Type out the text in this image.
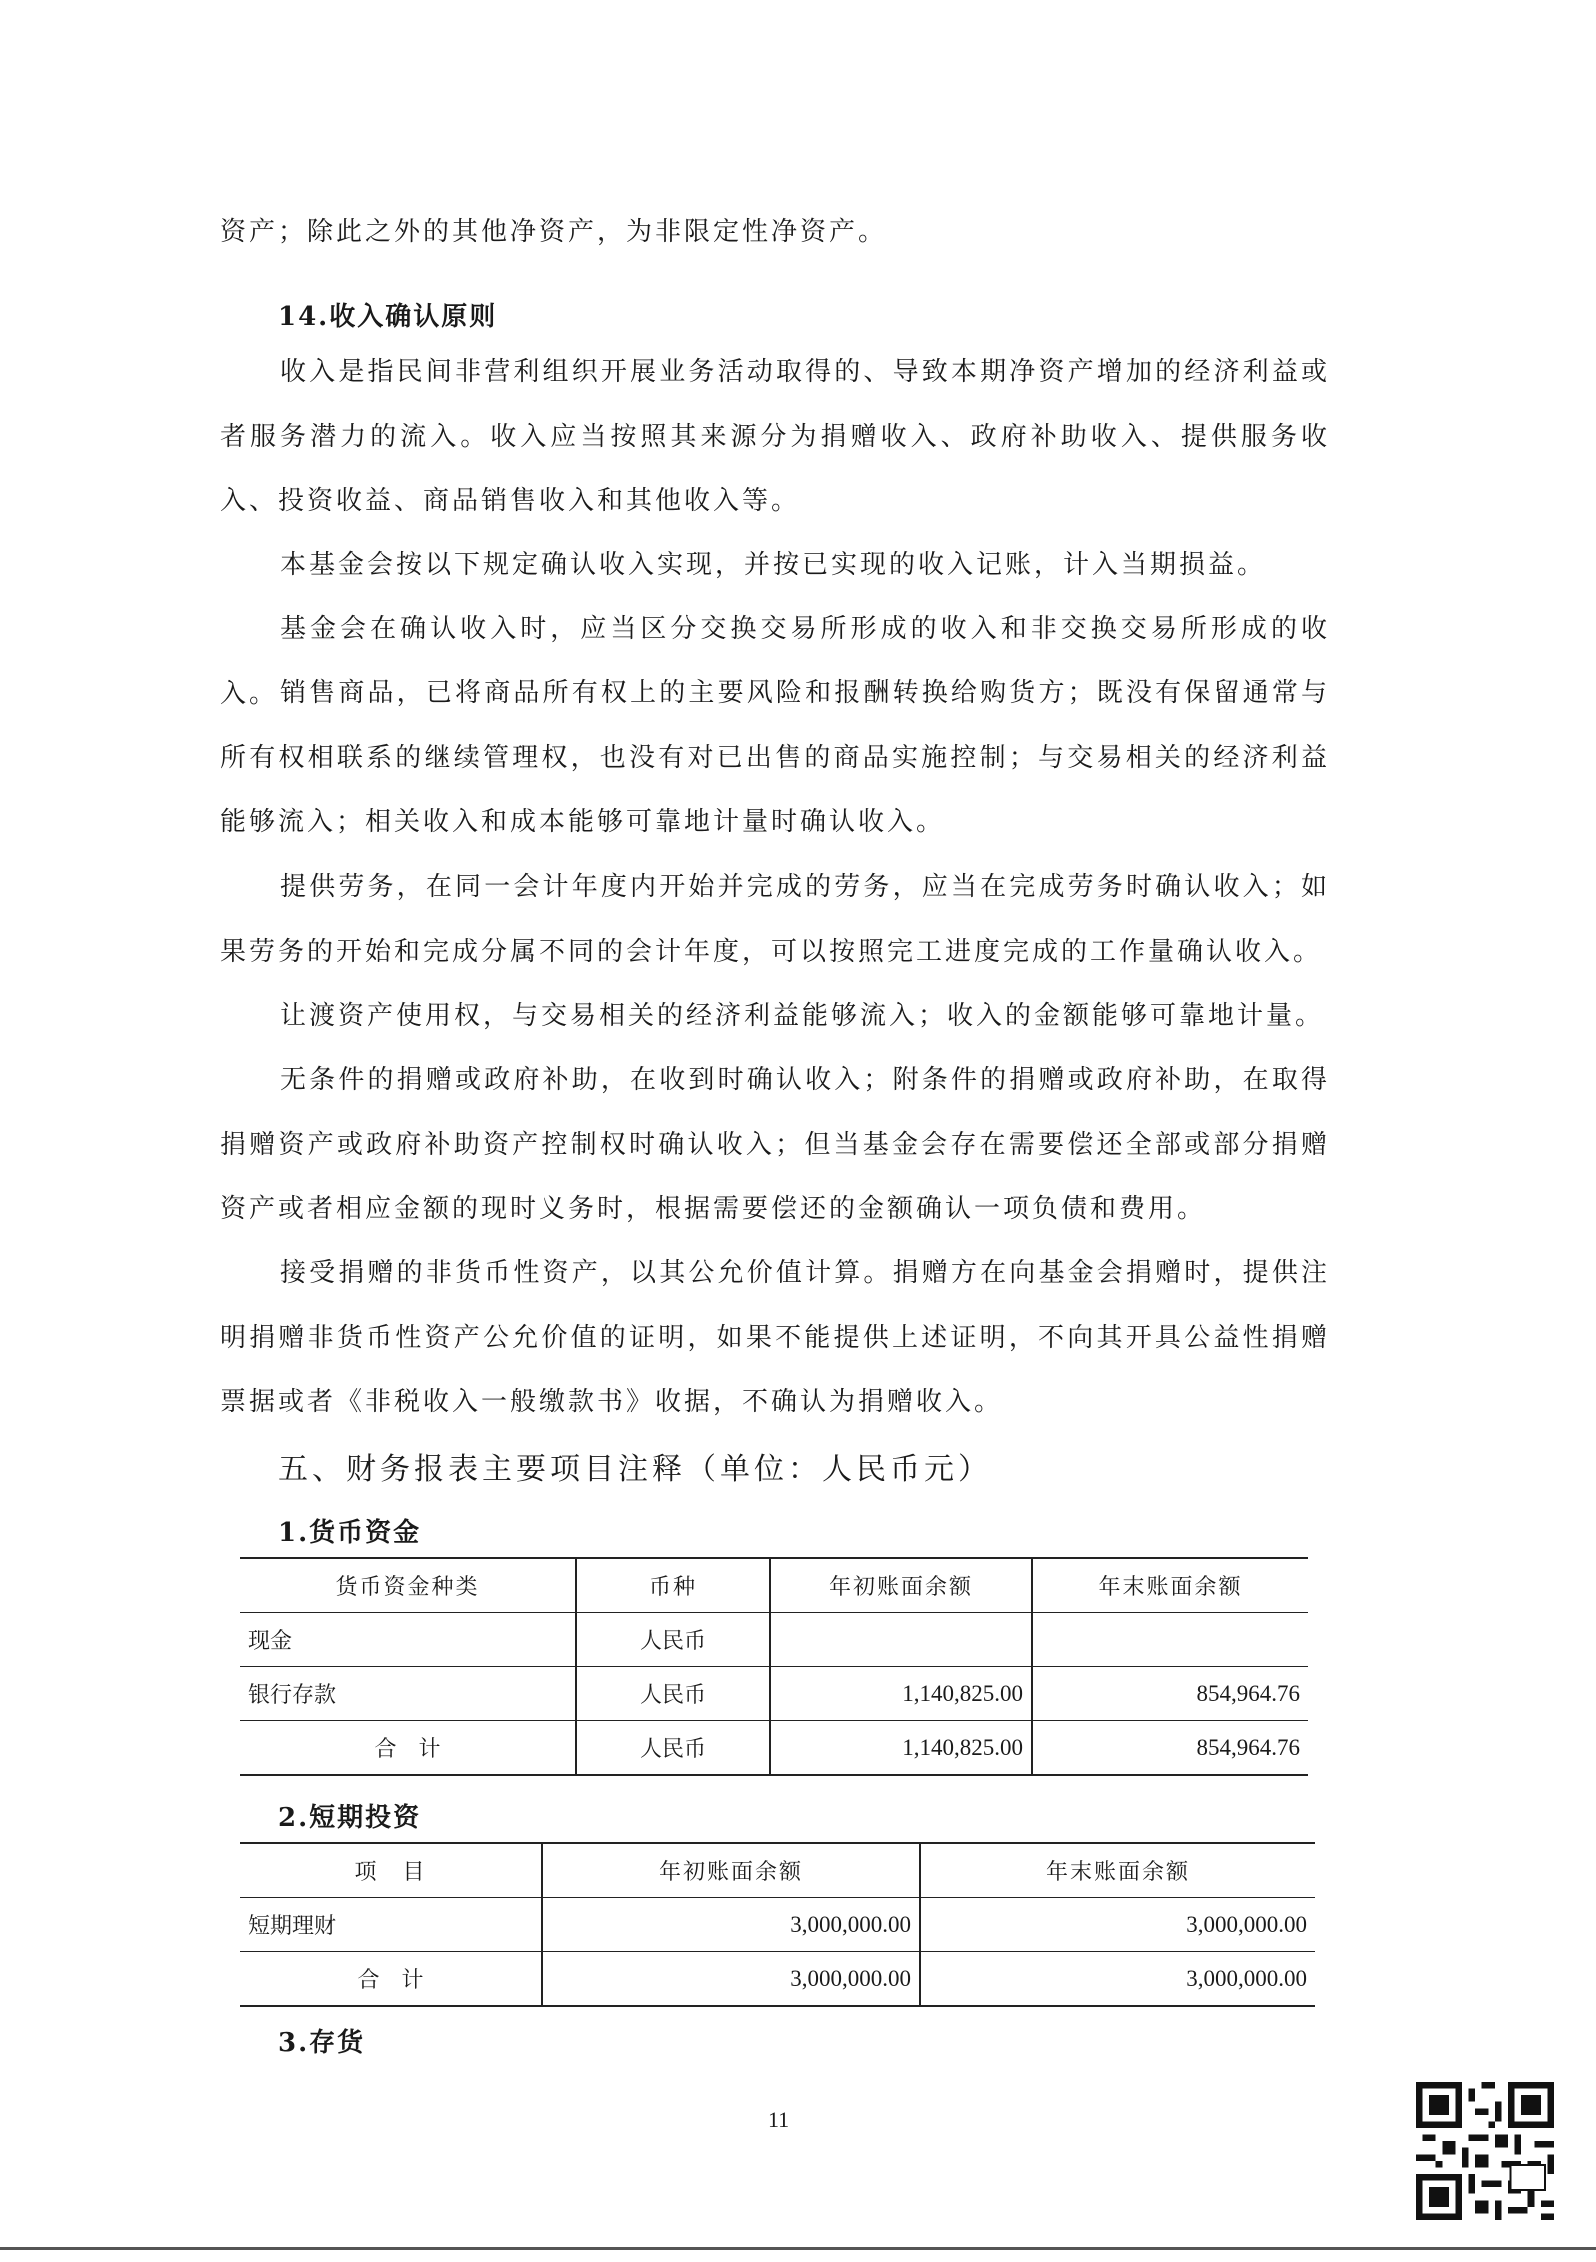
资产；除此之外的其他净资产，为非限定性净资产。

14.收入确认原则

收入是指民间非营利组织开展业务活动取得的、导致本期净资产增加的经济利益或者服务潜力的流入。收入应当按照其来源分为捐赠收入、政府补助收入、提供服务收入、投资收益、商品销售收入和其他收入等。

本基金会按以下规定确认收入实现，并按已实现的收入记账，计入当期损益。

基金会在确认收入时，应当区分交换交易所形成的收入和非交换交易所形成的收入。 销售商品，已将商品所有权上的主要风险和报酬转换给购货方；既没有保留通常与所有权相联系的继续管理权，也没有对已出售的商品实施控制；与交易相关的经济利益能够流入；相关收入和成本能够可靠地计量时确认收入。

提供劳务，在同一会计年度内开始并完成的劳务，应当在完成劳务时确认收入；如果劳务的开始和完成分属不同的会计年度，可以按照完工进度完成的工作量确认收入。

让渡资产使用权，与交易相关的经济利益能够流入；收入的金额能够可靠地计量。

无条件的捐赠或政府补助，在收到时确认收入；附条件的捐赠或政府补助，在取得捐赠资产或政府补助资产控制权时确认收入；但当基金会存在需要偿还全部或部分捐赠资产或者相应金额的现时义务时，根据需要偿还的金额确认一项负债和费用。

接受捐赠的非货币性资产，以其公允价值计算。捐赠方在向基金会捐赠时，提供注明捐赠非货币性资产公允价值的证明，如果不能提供上述证明，不向其开具公益性捐赠票据或者《非税收入一般缴款书》收据，不确认为捐赠收入。

五、财务报表主要项目注释（单位：人民币元）

1.货币资金

货币资金种类	币种	年初账面余额	年末账面余额
现金	人民币		
银行存款	人民币	1,140,825.00	854,964.76
合　计	人民币	1,140,825.00	854,964.76

2.短期投资

项　目	年初账面余额	年末账面余额
短期理财	3,000,000.00	3,000,000.00
合　计	3,000,000.00	3,000,000.00

3.存货

11
